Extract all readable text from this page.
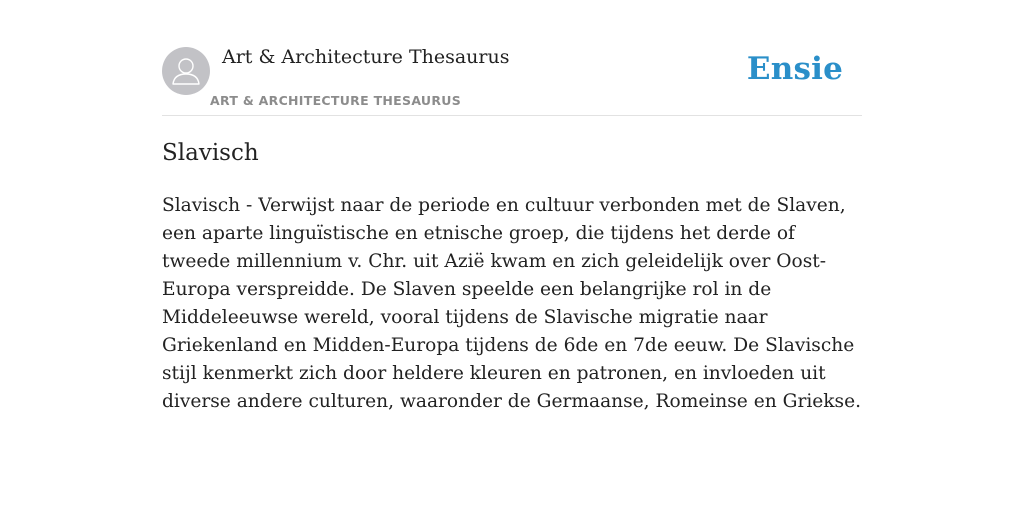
Art & Architecture Thesaurus
ART & ARCHITECTURE THESAURUS
Ensie
Slavisch

Slavisch - Verwijst naar de periode en cultuur verbonden met de Slaven, een aparte linguïstische en etnische groep, die tijdens het derde of tweede millennium v. Chr. uit Azië kwam en zich geleidelijk over Oost-Europa verspreidde. De Slaven speelde een belangrijke rol in de Middeleeuwse wereld, vooral tijdens de Slavische migratie naar Griekenland en Midden-Europa tijdens de 6de en 7de eeuw. De Slavische stijl kenmerkt zich door heldere kleuren en patronen, en invloeden uit diverse andere culturen, waaronder de Germaanse, Romeinse en Griekse.
